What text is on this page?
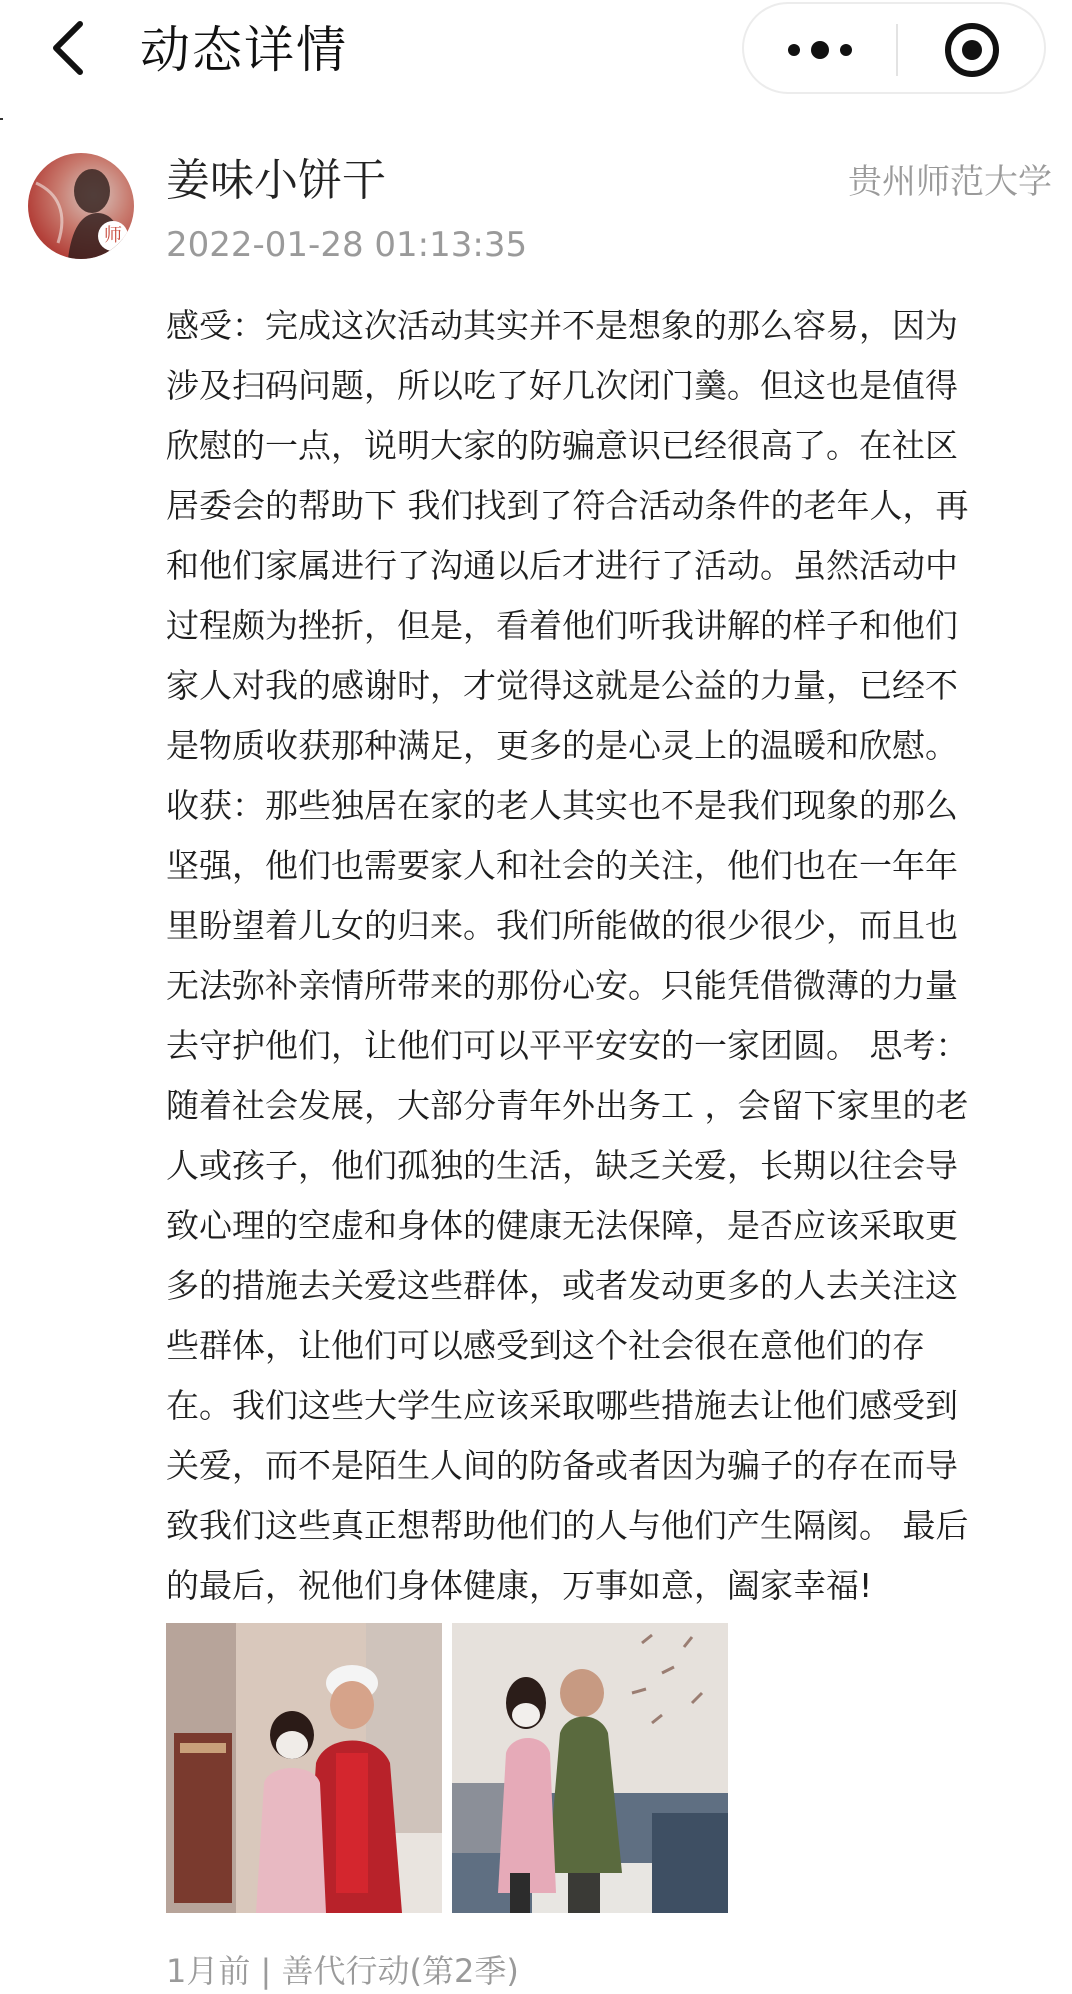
动态详情
师
姜味小饼干	贵州师范大学
2022-01-28 01:13:35
感受：完成这次活动其实并不是想象的那么容易，因为
涉及扫码问题，所以吃了好几次闭门羹。但这也是值得
欣慰的一点，说明大家的防骗意识已经很高了。在社区
居委会的帮助下 我们找到了符合活动条件的老年人，再
和他们家属进行了沟通以后才进行了活动。虽然活动中
过程颇为挫折，但是，看着他们听我讲解的样子和他们
家人对我的感谢时，才觉得这就是公益的力量，已经不
是物质收获那种满足，更多的是心灵上的温暖和欣慰。
收获：那些独居在家的老人其实也不是我们现象的那么
坚强，他们也需要家人和社会的关注，他们也在一年年
里盼望着儿女的归来。我们所能做的很少很少，而且也
无法弥补亲情所带来的那份心安。只能凭借微薄的力量
去守护他们，让他们可以平平安安的一家团圆。 思考：
随着社会发展，大部分青年外出务工 ，会留下家里的老
人或孩子，他们孤独的生活，缺乏关爱，长期以往会导
致心理的空虚和身体的健康无法保障，是否应该采取更
多的措施去关爱这些群体，或者发动更多的人去关注这
些群体，让他们可以感受到这个社会很在意他们的存
在。我们这些大学生应该采取哪些措施去让他们感受到
关爱，而不是陌生人间的防备或者因为骗子的存在而导
致我们这些真正想帮助他们的人与他们产生隔阂。 最后
的最后，祝他们身体健康，万事如意，阖家幸福!
1月前 | 善代行动(第2季)
